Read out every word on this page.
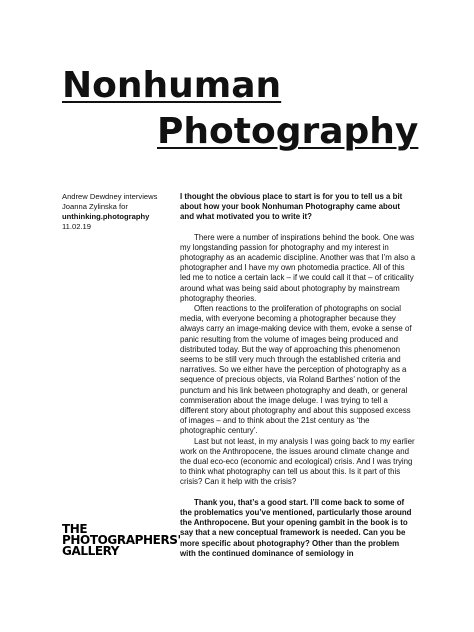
Nonhuman
Photography
Andrew Dewdney interviews
Joanna Zylinska for
unthinking.photography
11.02.19
THE
PHOTOGRAPHERS'
GALLERY

I thought the obvious place to start is for you to tell us a bit about how your book Nonhuman Photography came about and what motivated you to write it?

There were a number of inspirations behind the book. One was my longstanding passion for photography and my interest in photography as an academic discipline. Another was that I’m also a photographer and I have my own photomedia practice. All of this led me to notice a certain lack – if we could call it that – of criticality around what was being said about photography by mainstream photography theories.

Often reactions to the proliferation of photographs on social media, with everyone becoming a photographer because they always carry an image-making device with them, evoke a sense of panic resulting from the volume of images being produced and distributed today. But the way of approaching this phenomenon seems to be still very much through the established criteria and narratives. So we either have the perception of photography as a sequence of precious objects, via Roland Barthes’ notion of the punctum and his link between photography and death, or general commiseration about the image deluge. I was trying to tell a different story about photography and about this supposed excess of images – and to think about the 21st century as ‘the photographic century’.

Last but not least, in my analysis I was going back to my earlier work on the Anthropocene, the issues around climate change and the dual eco-eco (economic and ecological) crisis. And I was trying to think what photography can tell us about this. Is it part of this crisis? Can it help with the crisis?

Thank you, that’s a good start. I’ll come back to some of the problematics you’ve mentioned, particularly those around the Anthropocene. But your opening gambit in the book is to say that a new conceptual framework is needed. Can you be more specific about photography? Other than the problem with the continued dominance of semiology in
